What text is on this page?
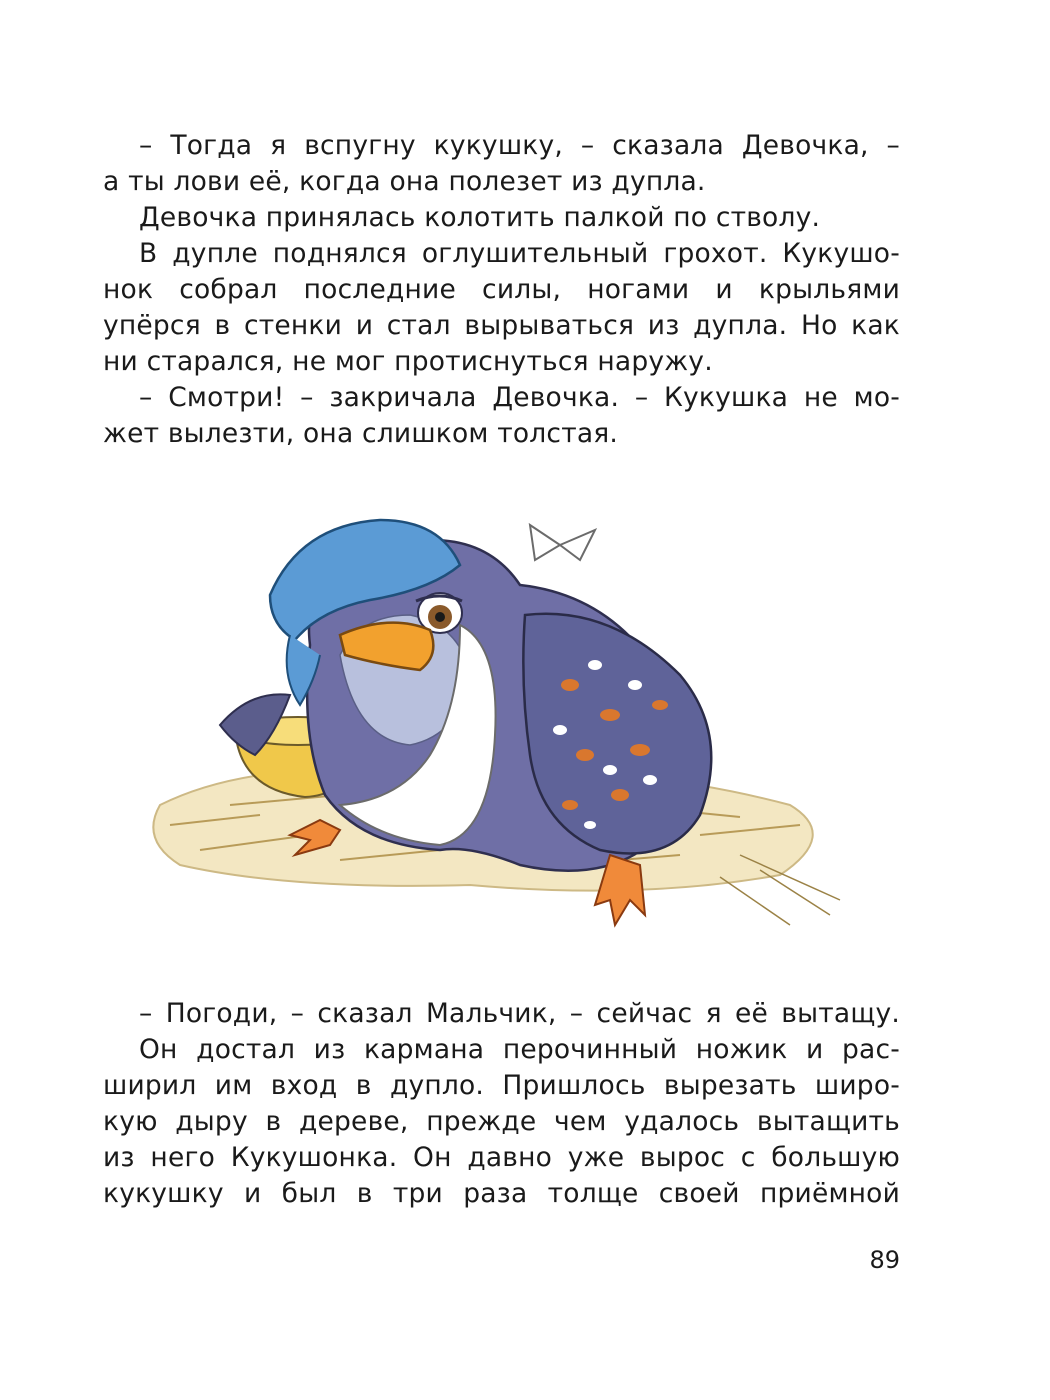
– Тогда я вспугну кукушку, – сказала Девочка, –
а ты лови её, когда она полезет из дупла.
Девочка принялась колотить палкой по стволу.
В дупле поднялся оглушительный грохот. Кукушо-
нок собрал последние силы, ногами и крыльями
упёрся в стенки и стал вырываться из дупла. Но как
ни старался, не мог протиснуться наружу.
– Смотри! – закричала Девочка. – Кукушка не мо-
жет вылезти, она слишком толстая.
– Погоди, – сказал Мальчик, – сейчас я её вытащу.
Он достал из кармана перочинный ножик и рас-
ширил им вход в дупло. Пришлось вырезать широ-
кую дыру в дереве, прежде чем удалось вытащить
из него Кукушонка. Он давно уже вырос с большую
кукушку и был в три раза толще своей приёмной
89
